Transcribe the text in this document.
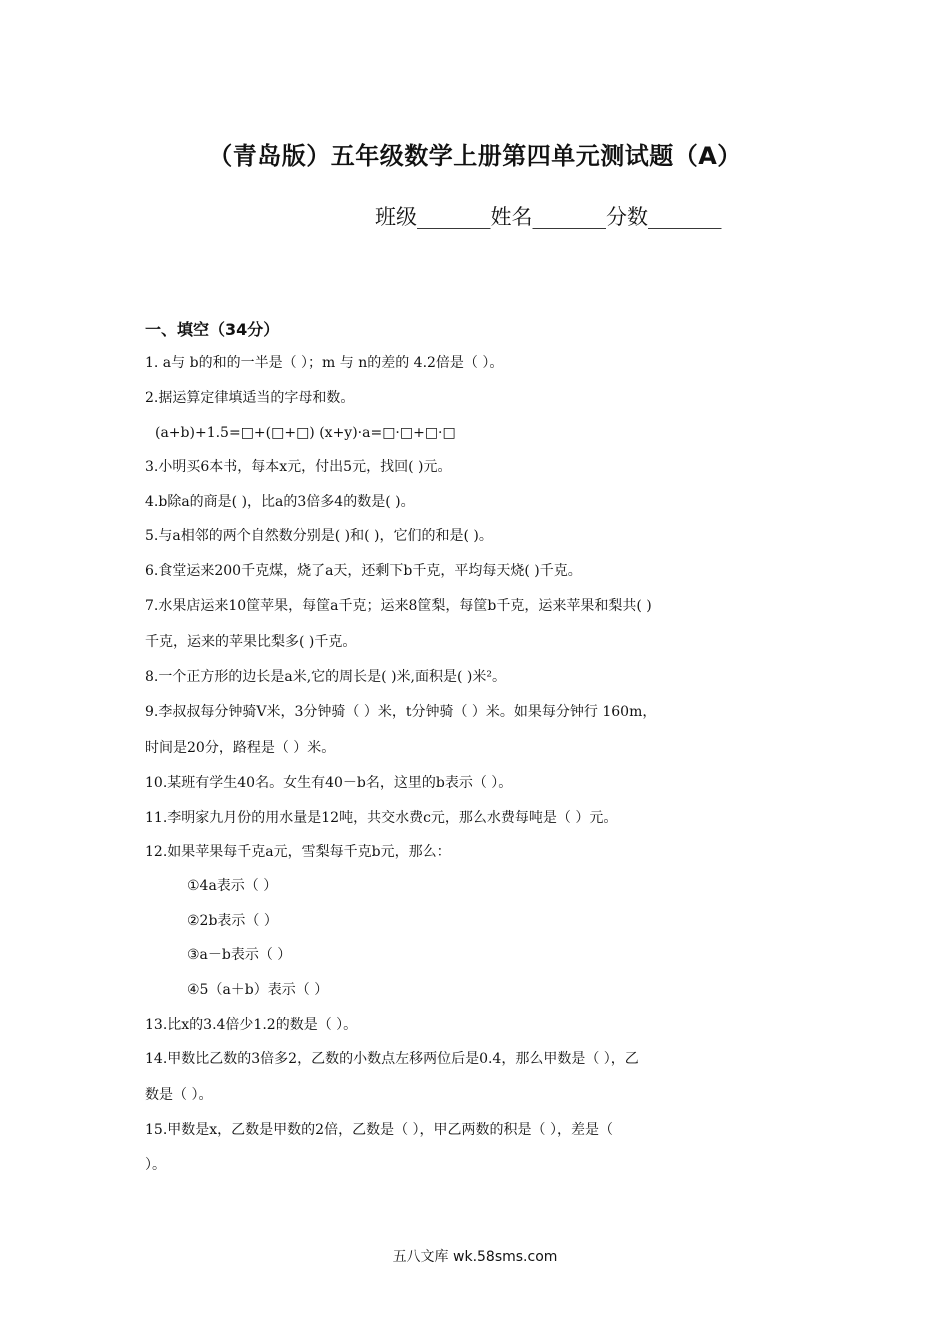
（青岛版）五年级数学上册第四单元测试题（A）
班级_______姓名_______分数_______
一、填空（34分）
1. a与 b的和的一半是（ ）；m 与 n的差的 4.2倍是（ ）。
2.据运算定律填适当的字母和数。
(a+b)+1.5=□+(□+□) (x+y)·a=□·□+□·□
3.小明买6本书，每本x元，付出5元，找回( )元。
4.b除a的商是( )，比a的3倍多4的数是( )。
5.与a相邻的两个自然数分别是( )和( )，它们的和是( )。
6.食堂运来200千克煤，烧了a天，还剩下b千克，平均每天烧( )千克。
7.水果店运来10筐苹果，每筐a千克；运来8筐梨，每筐b千克，运来苹果和梨共( )
千克，运来的苹果比梨多( )千克。
8.一个正方形的边长是a米,它的周长是( )米,面积是( )米²。
9.李叔叔每分钟骑V米，3分钟骑（ ）米，t分钟骑（ ）米。如果每分钟行 160m，
时间是20分，路程是（ ）米。
10.某班有学生40名。女生有40－b名，这里的b表示（ ）。
11.李明家九月份的用水量是12吨，共交水费c元，那么水费每吨是（ ）元。
12.如果苹果每千克a元，雪梨每千克b元，那么：
①4a表示（ ）
②2b表示（ ）
③a－b表示（ ）
④5（a＋b）表示（ ）
13.比x的3.4倍少1.2的数是（ ）。
14.甲数比乙数的3倍多2，乙数的小数点左移两位后是0.4，那么甲数是（ ），乙
数是（ ）。
15.甲数是x，乙数是甲数的2倍，乙数是（ ），甲乙两数的积是（ ），差是（
）。
五八文库 wk.58sms.com
